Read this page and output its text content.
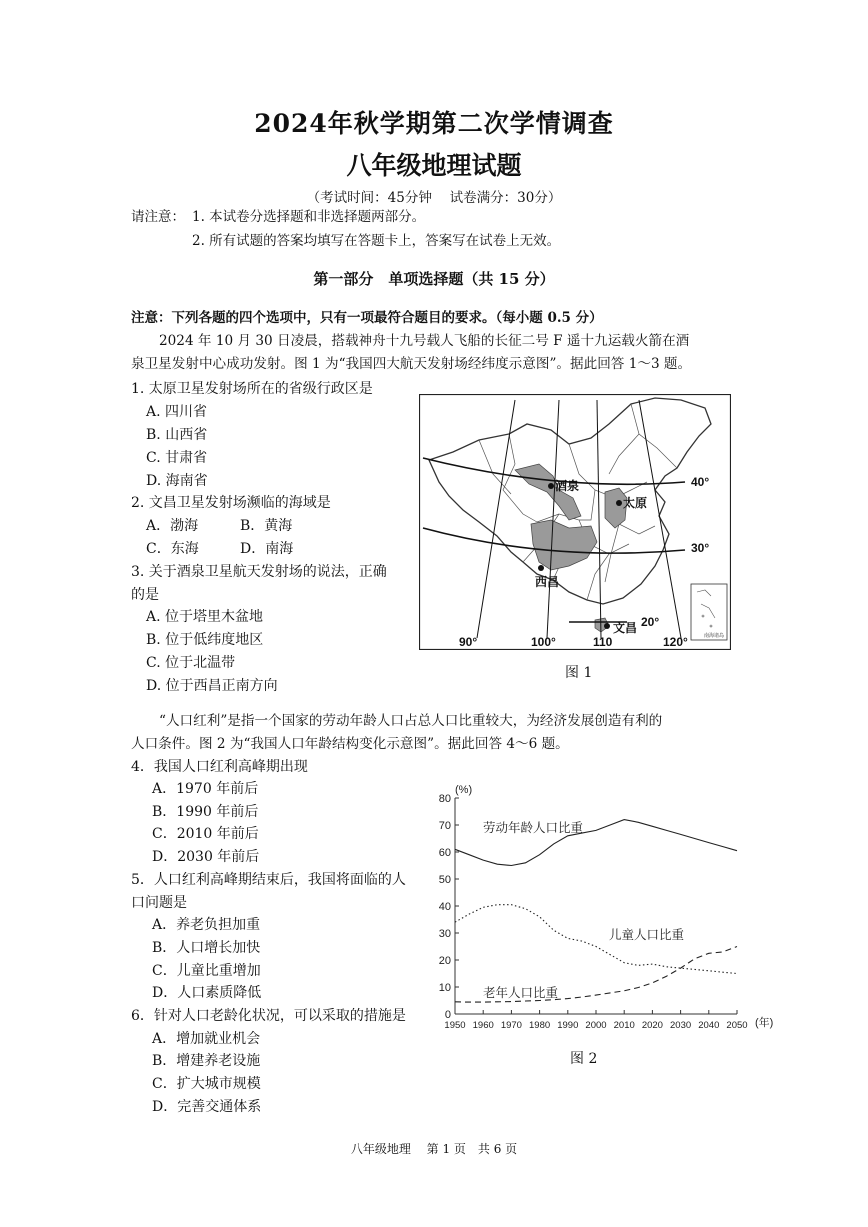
2024年秋学期第二次学情调查
八年级地理试题
（考试时间：45分钟　 试卷满分：30分）
请注意： 1. 本试卷分选择题和非选择题两部分。
2. 所有试题的答案均填写在答题卡上，答案写在试卷上无效。
第一部分　单项选择题（共 15 分）
注意：下列各题的四个选项中，只有一项最符合题目的要求。（每小题 0.5 分）
2024 年 10 月 30 日凌晨，搭载神舟十九号载人飞船的长征二号 F 遥十九运载火箭在酒
泉卫星发射中心成功发射。图 1 为“我国四大航天发射场经纬度示意图”。据此回答 1～3 题。
1. 太原卫星发射场所在的省级行政区是
A. 四川省
B. 山西省
C. 甘肃省
D. 海南省
2. 文昌卫星发射场濒临的海域是
A．渤海	B．黄海
C．东海	D．南海
3. 关于酒泉卫星航天发射场的说法，正确
的是
A. 位于塔里木盆地
B. 位于低纬度地区
C. 位于北温带
D. 位于西昌正南方向
酒泉
太原
西昌
文昌
40°
30°
20°
90°	100°	110	120°	南海诸岛
图 1
“人口红利”是指一个国家的劳动年龄人口占总人口比重较大，为经济发展创造有利的
人口条件。图 2 为“我国人口年龄结构变化示意图”。据此回答 4～6 题。
4．我国人口红利高峰期出现
A．1970 年前后
B．1990 年前后
C．2010 年前后
D．2030 年前后
5．人口红利高峰期结束后，我国将面临的人
口问题是
A．养老负担加重
B．人口增长加快
C．儿童比重增加
D．人口素质降低
6．针对人口老龄化状况，可以采取的措施是
A．增加就业机会
B．增建养老设施
C．扩大城市规模
D．完善交通体系
0
10
20
30
40
50
60
70
80
1950 1960 1970 1980 1990 2000 2010 2020 2030 2040 2050
(%)
(年)
劳动年龄人口比重
儿童人口比重
老年人口比重
图 2
八年级地理　 第 1 页　共 6 页
